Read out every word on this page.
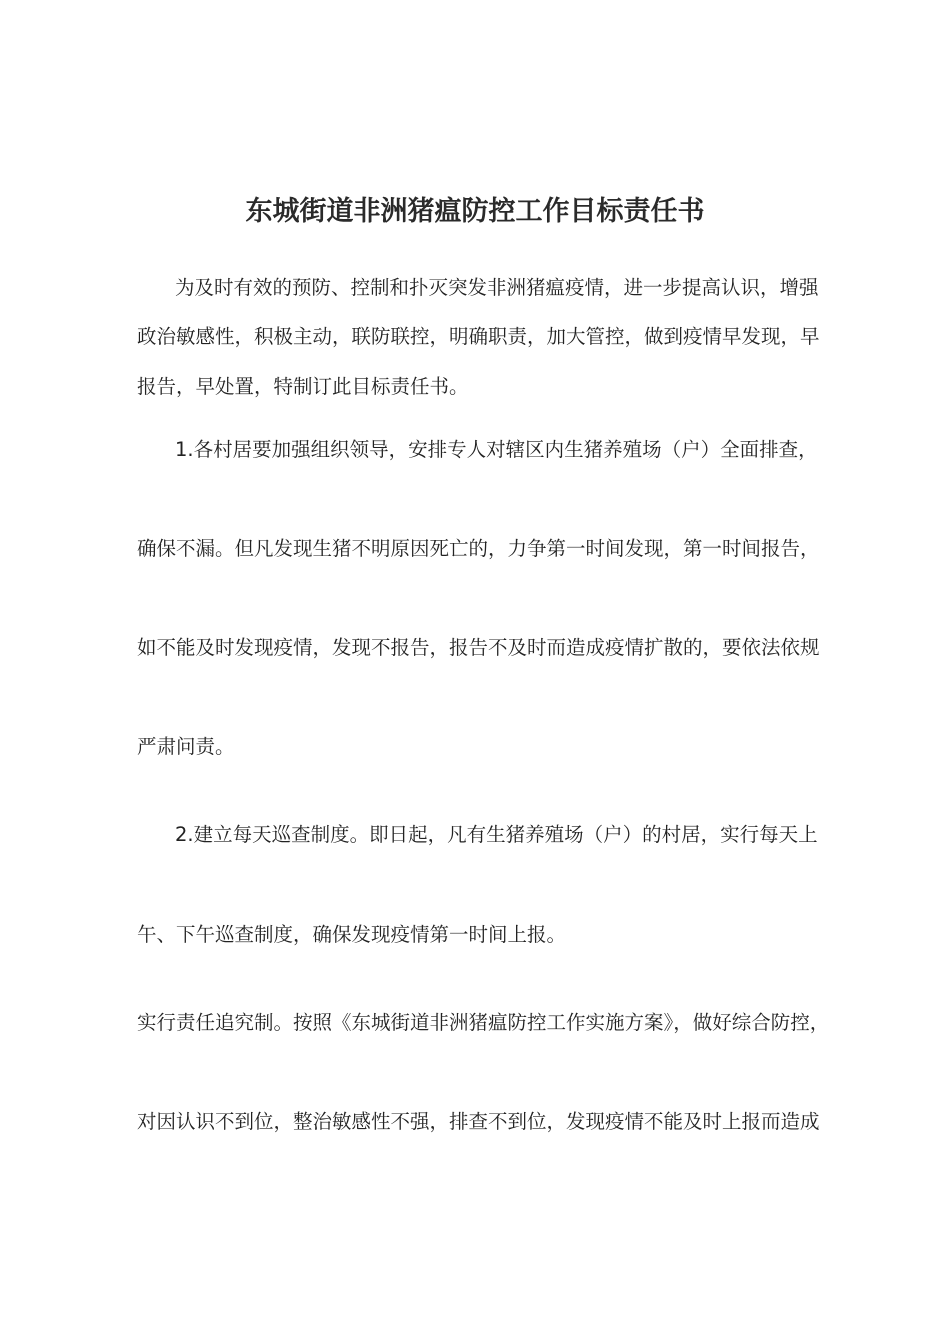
东城街道非洲猪瘟防控工作目标责任书
为及时有效的预防、控制和扑灭突发非洲猪瘟疫情，进一步提高认识，增强
政治敏感性，积极主动，联防联控，明确职责，加大管控，做到疫情早发现，早
报告，早处置，特制订此目标责任书。
1.各村居要加强组织领导，安排专人对辖区内生猪养殖场（户）全面排查，
确保不漏。但凡发现生猪不明原因死亡的，力争第一时间发现，第一时间报告，
如不能及时发现疫情，发现不报告，报告不及时而造成疫情扩散的，要依法依规
严肃问责。
2.建立每天巡查制度。即日起，凡有生猪养殖场（户）的村居，实行每天上
午、下午巡查制度，确保发现疫情第一时间上报。
实行责任追究制。按照《东城街道非洲猪瘟防控工作实施方案》，做好综合防控，
对因认识不到位，整治敏感性不强，排查不到位，发现疫情不能及时上报而造成
